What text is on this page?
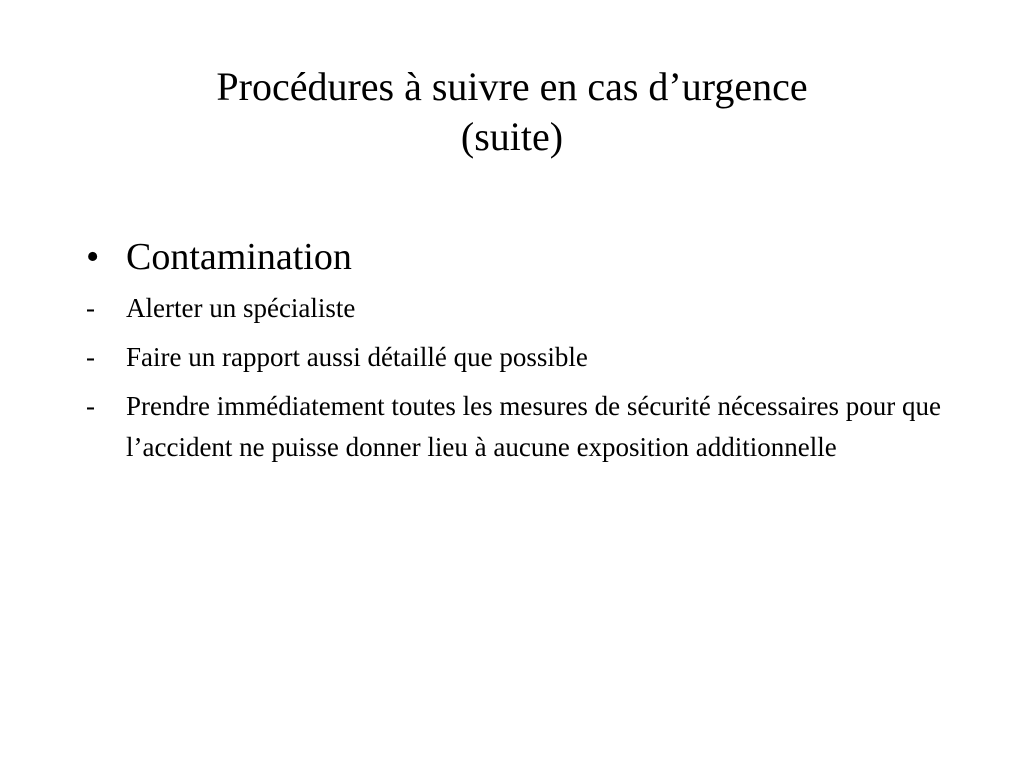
Procédures à suivre en cas d’urgence
(suite)
• Contamination
- Alerter un spécialiste
- Faire un rapport aussi détaillé que possible
- Prendre immédiatement toutes les mesures de sécurité nécessaires pour que l’accident ne puisse donner lieu à aucune exposition additionnelle
